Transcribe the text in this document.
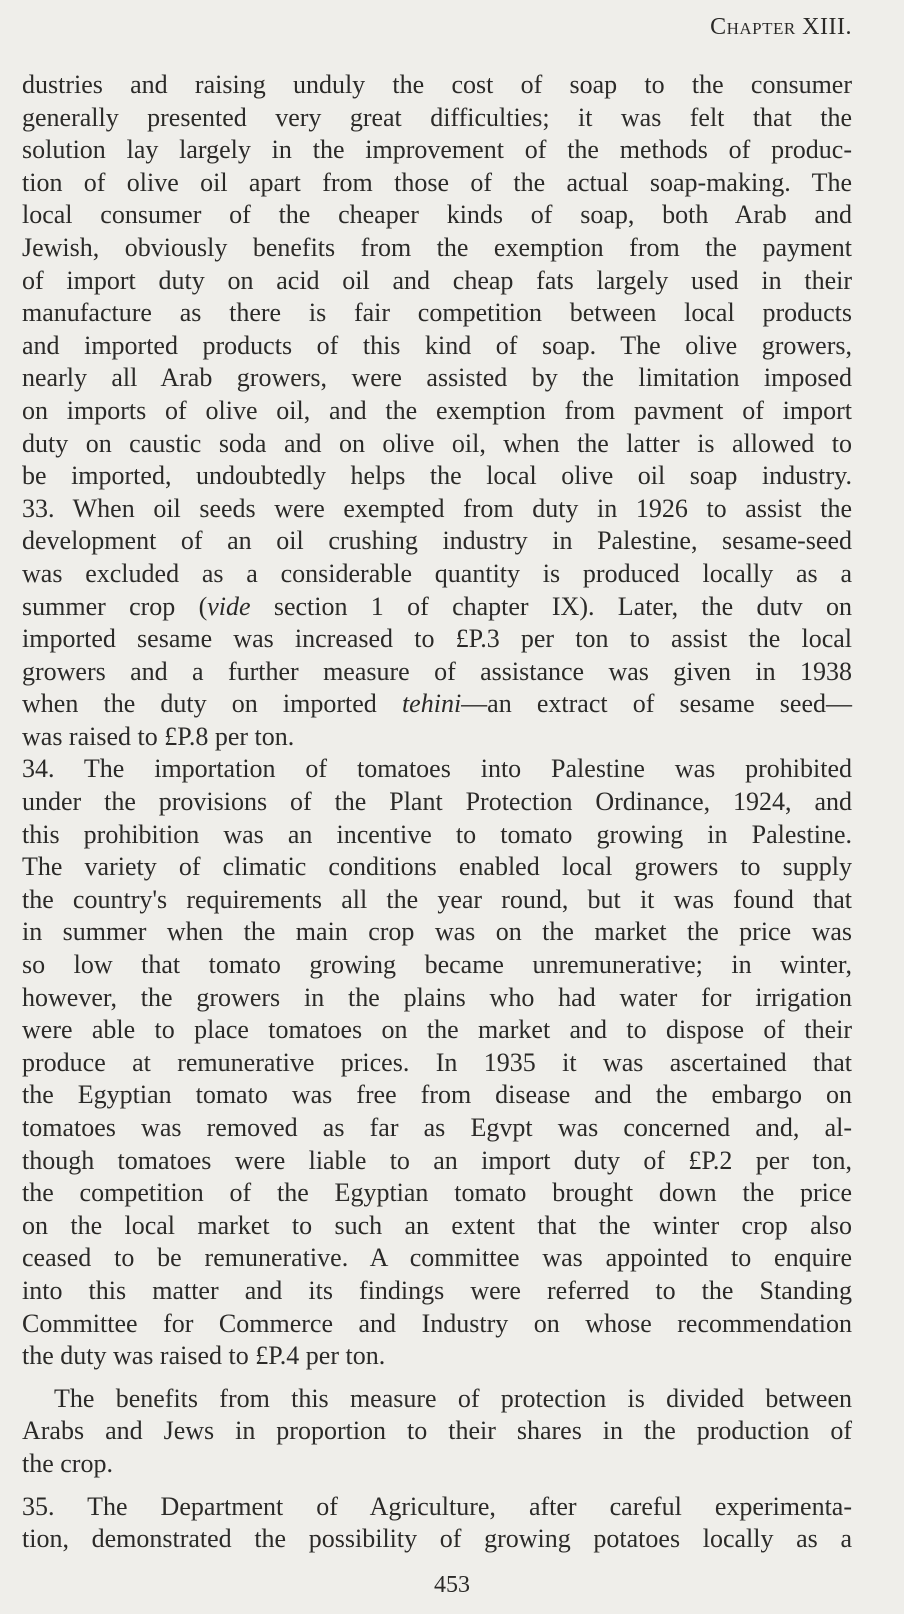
Chapter XIII.
dustries and raising unduly the cost of soap to the consumer
generally presented very great difficulties; it was felt that the
solution lay largely in the improvement of the methods of produc-
tion of olive oil apart from those of the actual soap-making. The
local consumer of the cheaper kinds of soap, both Arab and
Jewish, obviously benefits from the exemption from the payment
of import duty on acid oil and cheap fats largely used in their
manufacture as there is fair competition between local products
and imported products of this kind of soap. The olive growers,
nearly all Arab growers, were assisted by the limitation imposed
on imports of olive oil, and the exemption from pavment of import
duty on caustic soda and on olive oil, when the latter is allowed to
be imported, undoubtedly helps the local olive oil soap industry.
33. When oil seeds were exempted from duty in 1926 to assist the
development of an oil crushing industry in Palestine, sesame-seed
was excluded as a considerable quantity is produced locally as a
summer crop (vide section 1 of chapter IX). Later, the dutv on
imported sesame was increased to £P.3 per ton to assist the local
growers and a further measure of assistance was given in 1938
when the duty on imported tehini—an extract of sesame seed—
was raised to £P.8 per ton.
34. The importation of tomatoes into Palestine was prohibited
under the provisions of the Plant Protection Ordinance, 1924, and
this prohibition was an incentive to tomato growing in Palestine.
The variety of climatic conditions enabled local growers to supply
the country's requirements all the year round, but it was found that
in summer when the main crop was on the market the price was
so low that tomato growing became unremunerative; in winter,
however, the growers in the plains who had water for irrigation
were able to place tomatoes on the market and to dispose of their
produce at remunerative prices. In 1935 it was ascertained that
the Egyptian tomato was free from disease and the embargo on
tomatoes was removed as far as Egvpt was concerned and, al-
though tomatoes were liable to an import duty of £P.2 per ton,
the competition of the Egyptian tomato brought down the price
on the local market to such an extent that the winter crop also
ceased to be remunerative. A committee was appointed to enquire
into this matter and its findings were referred to the Standing
Committee for Commerce and Industry on whose recommendation
the duty was raised to £P.4 per ton.
The benefits from this measure of protection is divided between
Arabs and Jews in proportion to their shares in the production of
the crop.
35. The Department of Agriculture, after careful experimenta-
tion, demonstrated the possibility of growing potatoes locally as a
453
